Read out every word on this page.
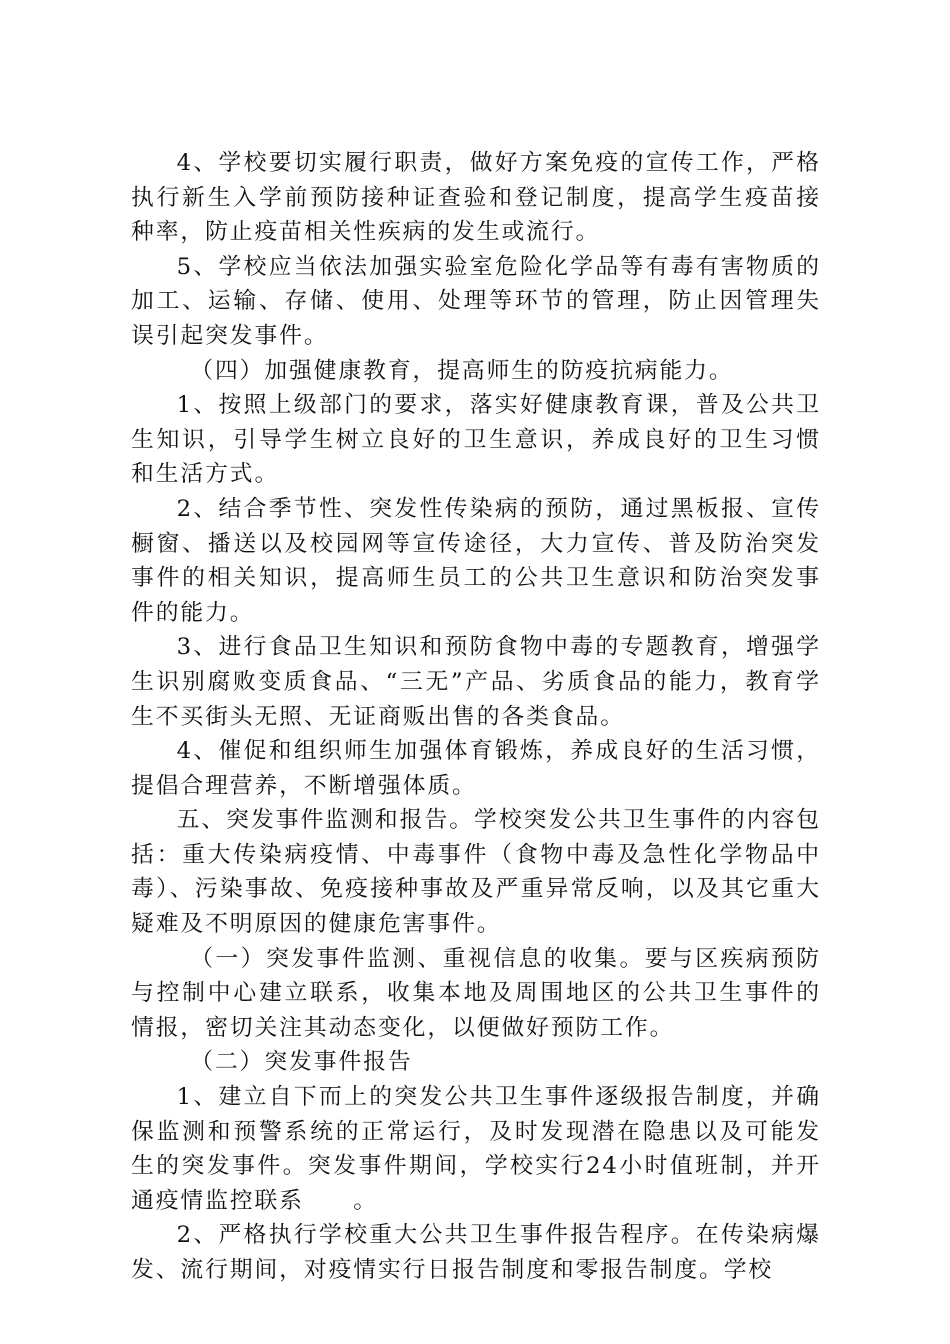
4、学校要切实履行职责，做好方案免疫的宣传工作，严格执行新生入学前预防接种证查验和登记制度，提高学生疫苗接种率，防止疫苗相关性疾病的发生或流行。

5、学校应当依法加强实验室危险化学品等有毒有害物质的加工、运输、存储、使用、处理等环节的管理，防止因管理失误引起突发事件。

（四）加强健康教育，提高师生的防疫抗病能力。

1、按照上级部门的要求，落实好健康教育课，普及公共卫生知识，引导学生树立良好的卫生意识，养成良好的卫生习惯和生活方式。

2、结合季节性、突发性传染病的预防，通过黑板报、宣传橱窗、播送以及校园网等宣传途径，大力宣传、普及防治突发事件的相关知识，提高师生员工的公共卫生意识和防治突发事件的能力。

3、进行食品卫生知识和预防食物中毒的专题教育，增强学生识别腐败变质食品、“三无”产品、劣质食品的能力，教育学生不买街头无照、无证商贩出售的各类食品。

4、催促和组织师生加强体育锻炼，养成良好的生活习惯，提倡合理营养，不断增强体质。

五、突发事件监测和报告。学校突发公共卫生事件的内容包括：重大传染病疫情、中毒事件（食物中毒及急性化学物品中毒）、污染事故、免疫接种事故及严重异常反响，以及其它重大疑难及不明原因的健康危害事件。

（一）突发事件监测、重视信息的收集。要与区疾病预防与控制中心建立联系，收集本地及周围地区的公共卫生事件的情报，密切关注其动态变化，以便做好预防工作。

（二）突发事件报告

1、建立自下而上的突发公共卫生事件逐级报告制度，并确保监测和预警系统的正常运行，及时发现潜在隐患以及可能发生的突发事件。突发事件期间，学校实行24小时值班制，并开通疫情监控联系　　。

2、严格执行学校重大公共卫生事件报告程序。在传染病爆发、流行期间，对疫情实行日报告制度和零报告制度。学校
